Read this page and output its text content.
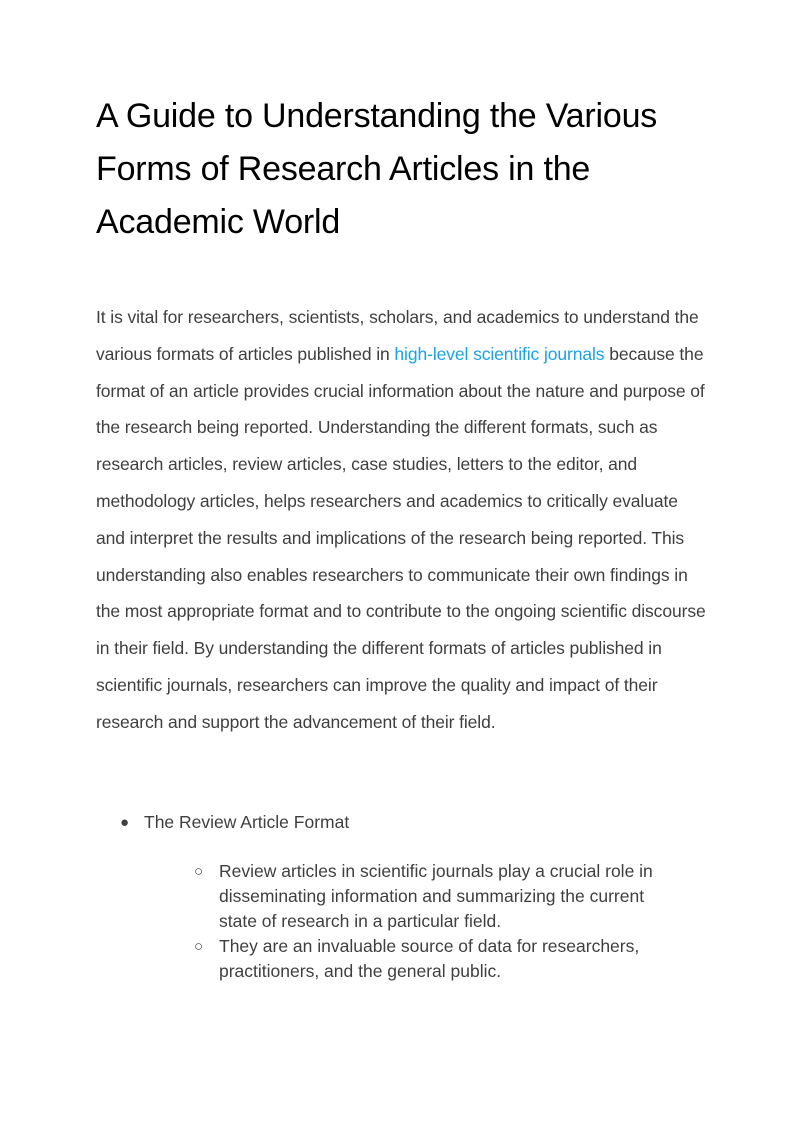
A Guide to Understanding the Various Forms of Research Articles in the Academic World

It is vital for researchers, scientists, scholars, and academics to understand the various formats of articles published in high-level scientific journals because the format of an article provides crucial information about the nature and purpose of the research being reported. Understanding the different formats, such as research articles, review articles, case studies, letters to the editor, and methodology articles, helps researchers and academics to critically evaluate and interpret the results and implications of the research being reported. This understanding also enables researchers to communicate their own findings in the most appropriate format and to contribute to the ongoing scientific discourse in their field. By understanding the different formats of articles published in scientific journals, researchers can improve the quality and impact of their research and support the advancement of their field.

● The Review Article Format
○ Review articles in scientific journals play a crucial role in disseminating information and summarizing the current state of research in a particular field.
○ They are an invaluable source of data for researchers, practitioners, and the general public.
